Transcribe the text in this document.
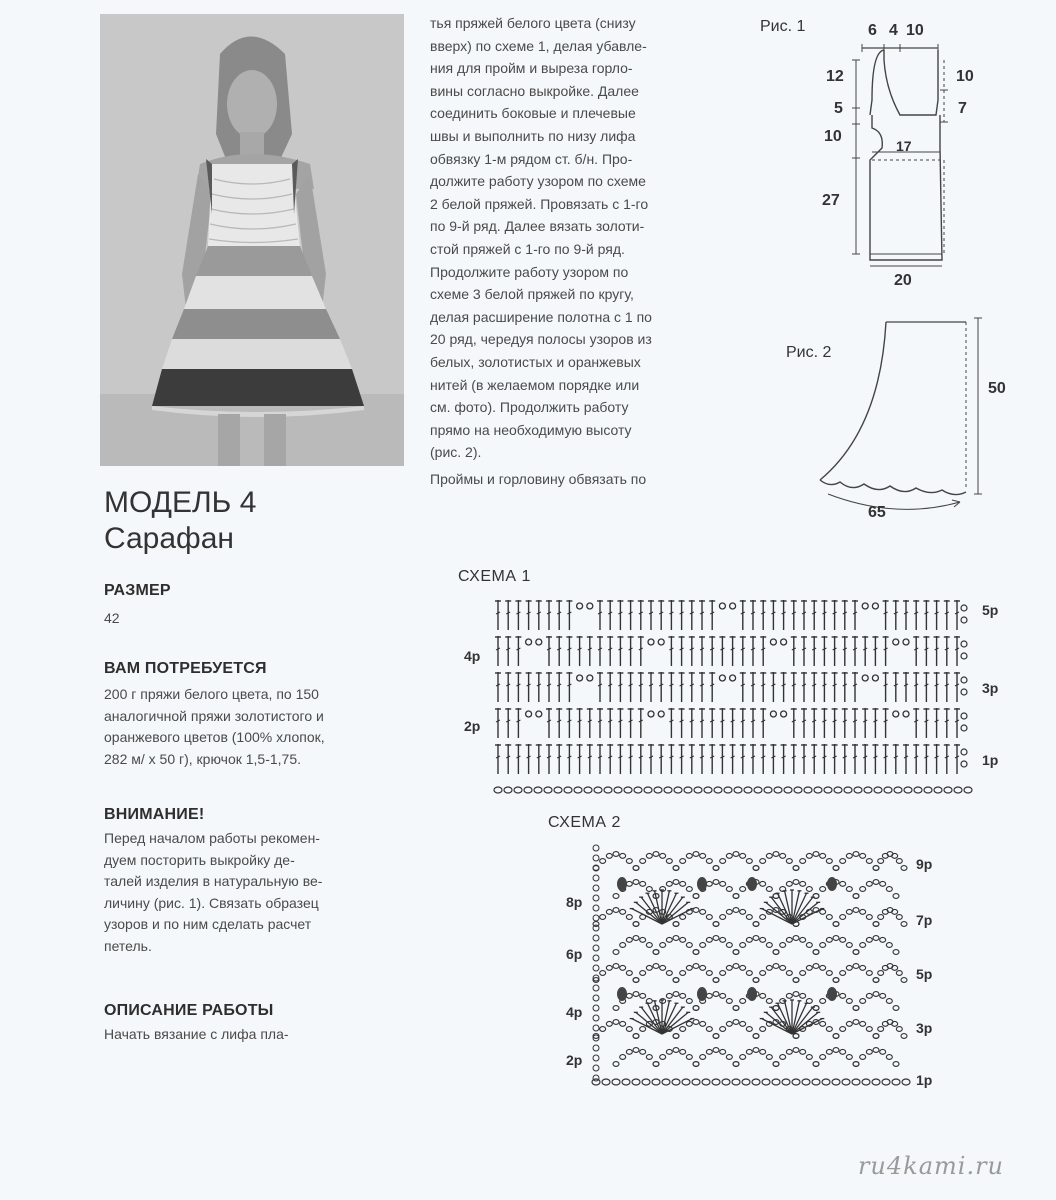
МОДЕЛЬ 4
Сарафан
РАЗМЕР
42
ВАМ ПОТРЕБУЕТСЯ
200 г пряжи белого цвета, по 150
аналогичной пряжи золотистого и
оранжевого цветов (100% хлопок,
282 м/ х 50 г), крючок 1,5-1,75.
ВНИМАНИЕ!
Перед началом работы рекомен-
дуем посторить выкройку де-
талей изделия в натуральную ве-
личину (рис. 1). Связать образец
узоров и по ним сделать расчет
петель.
ОПИСАНИЕ РАБОТЫ
Начать вязание с лифа пла-
тья пряжей белого цвета (снизу
вверх) по схеме 1, делая убавле-
ния для пройм и выреза горло-
вины согласно выкройке. Далее
соединить боковые и плечевые
швы и выполнить по низу лифа
обвязку 1-м рядом ст. б/н. Про-
должите работу узором по схеме
2 белой пряжей. Провязать с 1-го
по 9-й ряд. Далее вязать золоти-
стой пряжей с 1-го по 9-й ряд.
Продолжите работу узором по
схеме 3 белой пряжей по кругу,
делая расширение полотна с 1 по
20 ряд, чередуя полосы узоров из
белых, золотистых и оранжевых
нитей (в желаемом порядке или
см. фото). Продолжить работу
прямо на необходимую высоту
(рис. 2).
Проймы и горловину обвязать по
Рис. 1	6 4 10
12
5
10
27
10
7
17
20
Рис. 2
50
65
СХЕМА 1
5р
3р
1р
4р
2р
СХЕМА 2
9р
7р
5р
3р
1р
8р
6р
4р
2р
ru4kami.ru
